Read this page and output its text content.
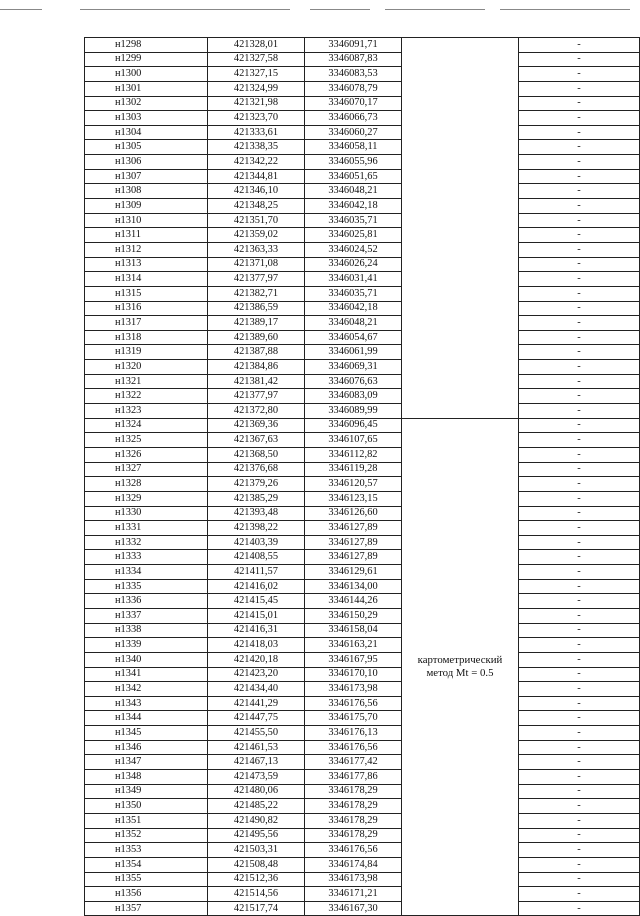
н1298	421328,01	3346091,71		-
н1299	421327,58	3346087,83		-
н1300	421327,15	3346083,53		-
н1301	421324,99	3346078,79		-
н1302	421321,98	3346070,17		-
н1303	421323,70	3346066,73		-
н1304	421333,61	3346060,27		-
н1305	421338,35	3346058,11		-
н1306	421342,22	3346055,96		-
н1307	421344,81	3346051,65		-
н1308	421346,10	3346048,21		-
н1309	421348,25	3346042,18		-
н1310	421351,70	3346035,71		-
н1311	421359,02	3346025,81		-
н1312	421363,33	3346024,52		-
н1313	421371,08	3346026,24		-
н1314	421377,97	3346031,41		-
н1315	421382,71	3346035,71		-
н1316	421386,59	3346042,18		-
н1317	421389,17	3346048,21		-
н1318	421389,60	3346054,67		-
н1319	421387,88	3346061,99		-
н1320	421384,86	3346069,31		-
н1321	421381,42	3346076,63		-
н1322	421377,97	3346083,09		-
н1323	421372,80	3346089,99		-
н1324	421369,36	3346096,45	картометрический
метод Mt = 0.5	-
н1325	421367,63	3346107,65		-
н1326	421368,50	3346112,82		-
н1327	421376,68	3346119,28		-
н1328	421379,26	3346120,57		-
н1329	421385,29	3346123,15		-
н1330	421393,48	3346126,60		-
н1331	421398,22	3346127,89		-
н1332	421403,39	3346127,89		-
н1333	421408,55	3346127,89		-
н1334	421411,57	3346129,61		-
н1335	421416,02	3346134,00		-
н1336	421415,45	3346144,26		-
н1337	421415,01	3346150,29		-
н1338	421416,31	3346158,04		-
н1339	421418,03	3346163,21		-
н1340	421420,18	3346167,95		-
н1341	421423,20	3346170,10		-
н1342	421434,40	3346173,98		-
н1343	421441,29	3346176,56		-
н1344	421447,75	3346175,70		-
н1345	421455,50	3346176,13		-
н1346	421461,53	3346176,56		-
н1347	421467,13	3346177,42		-
н1348	421473,59	3346177,86		-
н1349	421480,06	3346178,29		-
н1350	421485,22	3346178,29		-
н1351	421490,82	3346178,29		-
н1352	421495,56	3346178,29		-
н1353	421503,31	3346176,56		-
н1354	421508,48	3346174,84		-
н1355	421512,36	3346173,98		-
н1356	421514,56	3346171,21		-
н1357	421517,74	3346167,30		-
